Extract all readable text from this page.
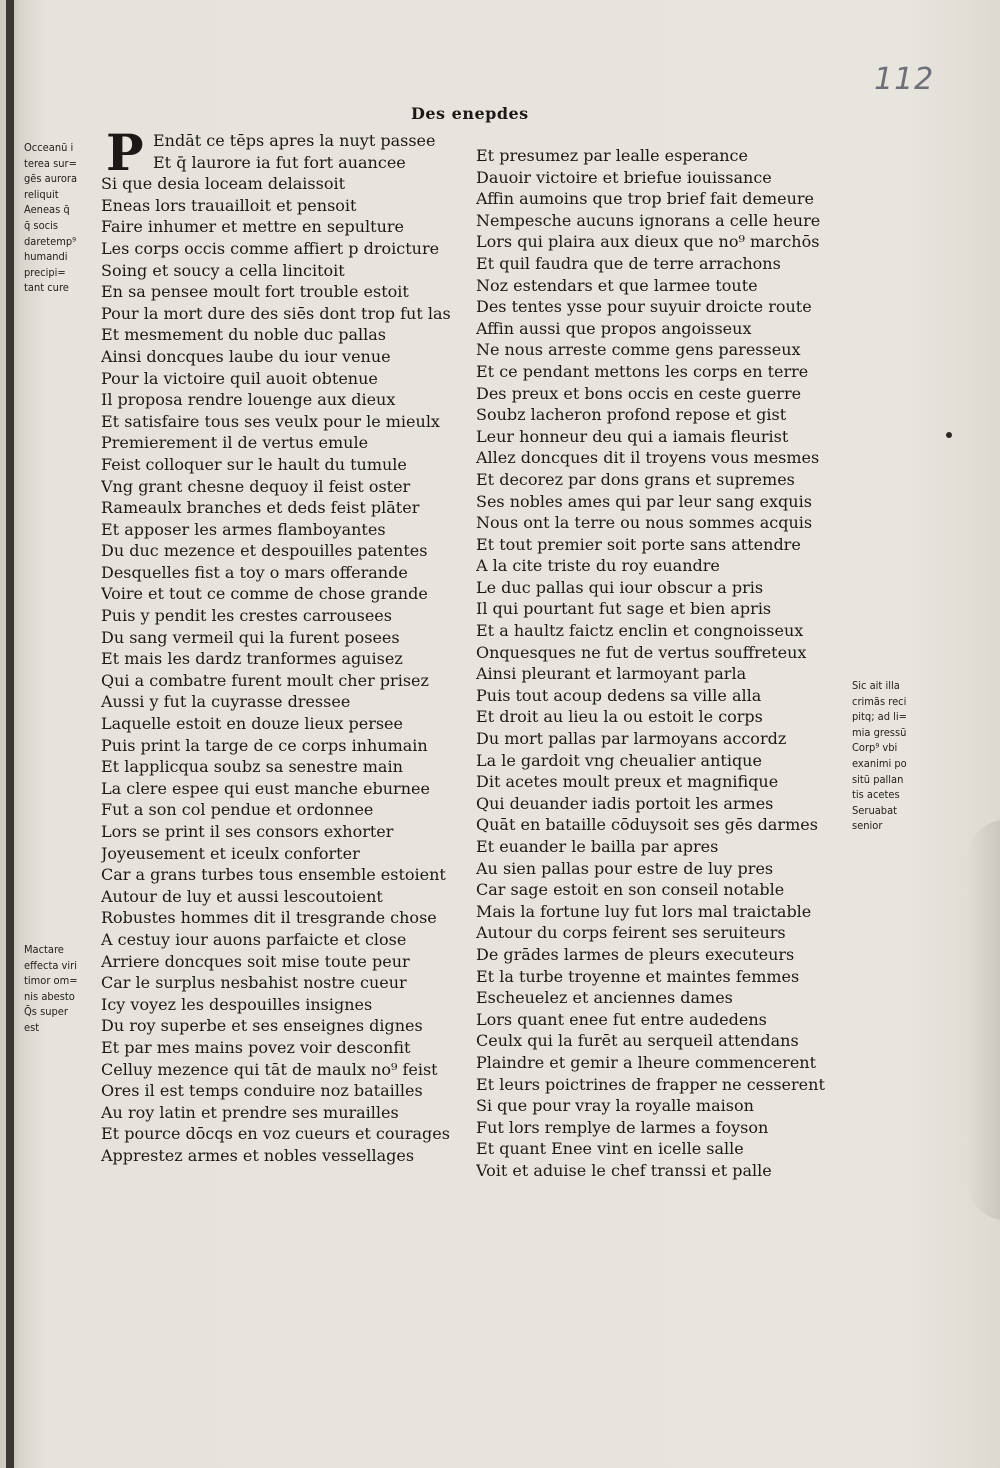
112
Des enepdes
P Endāt ce tēps apres la nuyt passee
Et q̄ laurore ia fut fort auancee
Si que desia loceam delaissoit
Eneas lors trauailloit et pensoit
Faire inhumer et mettre en sepulture
Les corps occis comme affiert p droicture
Soing et soucy a cella lincitoit
En sa pensee moult fort trouble estoit
Pour la mort dure des siēs dont trop fut las
Et mesmement du noble duc pallas
Ainsi doncques laube du iour venue
Pour la victoire quil auoit obtenue
Il proposa rendre louenge aux dieux
Et satisfaire tous ses veulx pour le mieulx
Premierement il de vertus emule
Feist colloquer sur le hault du tumule
Vng grant chesne dequoy il feist oster
Rameaulx branches et deds feist plāter
Et apposer les armes flamboyantes
Du duc mezence et despouilles patentes
Desquelles fist a toy o mars offerande
Voire et tout ce comme de chose grande
Puis y pendit les crestes carrousees
Du sang vermeil qui la furent posees
Et mais les dardz tranformes aguisez
Qui a combatre furent moult cher prisez
Aussi y fut la cuyrasse dressee
Laquelle estoit en douze lieux persee
Puis print la targe de ce corps inhumain
Et lapplicqua soubz sa senestre main
La clere espee qui eust manche eburnee
Fut a son col pendue et ordonnee
Lors se print il ses consors exhorter
Joyeusement et iceulx conforter
Car a grans turbes tous ensemble estoient
Autour de luy et aussi lescoutoient
Robustes hommes dit il tresgrande chose
A cestuy iour auons parfaicte et close
Arriere doncques soit mise toute peur
Car le surplus nesbahist nostre cueur
Icy voyez les despouilles insignes
Du roy superbe et ses enseignes dignes
Et par mes mains povez voir desconfit
Celluy mezence qui tāt de maulx no⁹ feist
Ores il est temps conduire noz batailles
Au roy latin et prendre ses murailles
Et pource dōcqs en voz cueurs et courages
Apprestez armes et nobles vessellages
Et presumez par lealle esperance
Dauoir victoire et briefue iouissance
Affin aumoins que trop brief fait demeure
Nempesche aucuns ignorans a celle heure
Lors qui plaira aux dieux que no⁹ marchōs
Et quil faudra que de terre arrachons
Noz estendars et que larmee toute
Des tentes ysse pour suyuir droicte route
Affin aussi que propos angoisseux
Ne nous arreste comme gens paresseux
Et ce pendant mettons les corps en terre
Des preux et bons occis en ceste guerre
Soubz lacheron profond repose et gist
Leur honneur deu qui a iamais fleurist
Allez doncques dit il troyens vous mesmes
Et decorez par dons grans et supremes
Ses nobles ames qui par leur sang exquis
Nous ont la terre ou nous sommes acquis
Et tout premier soit porte sans attendre
A la cite triste du roy euandre
Le duc pallas qui iour obscur a pris
Il qui pourtant fut sage et bien apris
Et a haultz faictz enclin et congnoisseux
Onquesques ne fut de vertus souffreteux
Ainsi pleurant et larmoyant parla
Puis tout acoup dedens sa ville alla
Et droit au lieu la ou estoit le corps
Du mort pallas par larmoyans accordz
La le gardoit vng cheualier antique
Dit acetes moult preux et magnifique
Qui deuander iadis portoit les armes
Quāt en bataille cōduysoit ses gēs darmes
Et euander le bailla par apres
Au sien pallas pour estre de luy pres
Car sage estoit en son conseil notable
Mais la fortune luy fut lors mal traictable
Autour du corps feirent ses seruiteurs
De grādes larmes de pleurs executeurs
Et la turbe troyenne et maintes femmes
Escheuelez et anciennes dames
Lors quant enee fut entre audedens
Ceulx qui la furēt au serqueil attendans
Plaindre et gemir a lheure commencerent
Et leurs poictrines de frapper ne cesserent
Si que pour vray la royalle maison
Fut lors remplye de larmes a foyson
Et quant Enee vint en icelle salle
Voit et aduise le chef transsi et palle
Occeanū i
terea sur=
gēs aurora
reliquit
Aeneas q̄
q̄ socis
daretemp⁹
humandi
precipi=
tant cure
Mactare
effecta viri
timor om=
nis abesto
Q̄s super
est
Sic ait illa
crimās reci
pitq; ad li=
mia gressū
Corp⁹ vbi
exanimi po
sitū pallan
tis acetes
Seruabat
senior
